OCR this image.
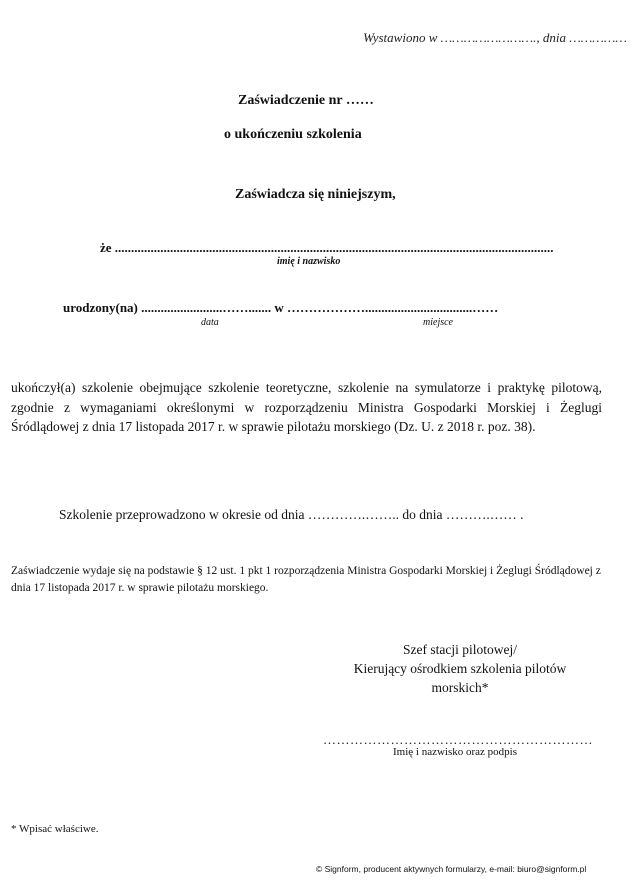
Wystawiono w ……………………., dnia ……………
Zaświadczenie nr ……
o ukończeniu szkolenia
Zaświadcza się niniejszym,
że .......................................................................................................................................
imię i nazwisko
urodzony(na) .........................……....... w ……………….................................……
data	miejsce
ukończył(a) szkolenie obejmujące szkolenie teoretyczne, szkolenie na symulatorze i praktykę pilotową, zgodnie z wymaganiami określonymi w rozporządzeniu Ministra Gospodarki Morskiej i Żeglugi Śródlądowej z dnia 17 listopada 2017 r. w sprawie pilotażu morskiego (Dz. U. z 2018 r. poz. 38).
Szkolenie przeprowadzono w okresie od dnia ………….…….. do dnia ……….…… .
Zaświadczenie wydaje się na podstawie § 12 ust. 1 pkt 1 rozporządzenia Ministra Gospodarki Morskiej i Żeglugi Śródlądowej z dnia 17 listopada 2017 r. w sprawie pilotażu morskiego.
Szef stacji pilotowej/
Kierujący ośrodkiem szkolenia pilotów
morskich*
……………………………………………………
Imię i nazwisko oraz podpis
* Wpisać właściwe.
© Signform, producent aktywnych formularzy, e-mail: biuro@signform.pl
